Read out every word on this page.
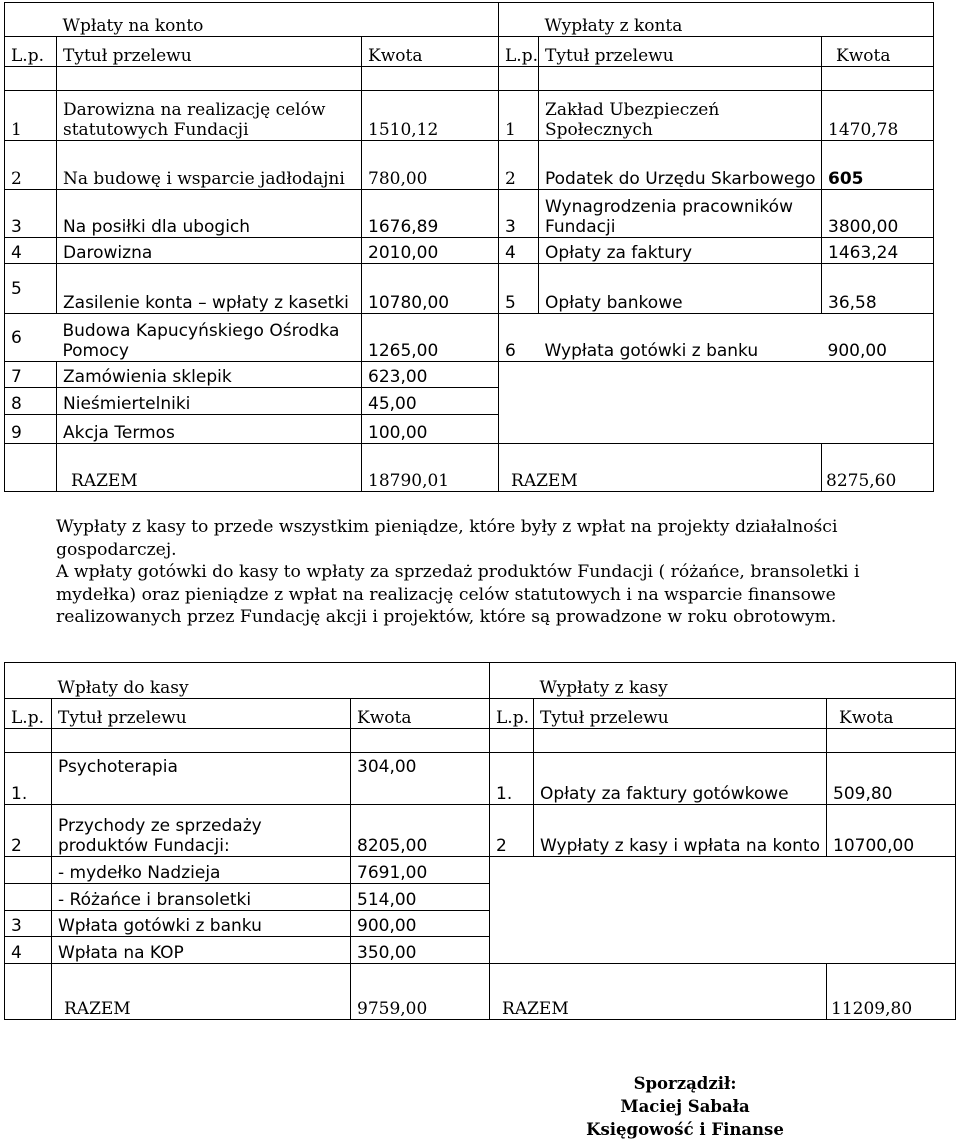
	Wpłaty na konto			Wypłaty z konta	
L.p.	Tytuł przelewu	Kwota	L.p.	Tytuł przelewu	Kwota

1	Darowizna na realizację celów statutowych Fundacji	1510,12	1	Zakład Ubezpieczeń Społecznych	1470,78
2	Na budowę i wsparcie jadłodajni	780,00	2	Podatek do Urzędu Skarbowego	605
3	Na posiłki dla ubogich	1676,89	3	Wynagrodzenia pracowników Fundacji	3800,00
4	Darowizna	2010,00	4	Opłaty za faktury	1463,24
5	Zasilenie konta – wpłaty z kasetki	10780,00	5	Opłaty bankowe	36,58
6	Budowa Kapucyńskiego Ośrodka Pomocy	1265,00	6	Wypłata gotówki z banku	900,00
7	Zamówienia sklepik	623,00			
8	Nieśmiertelniki	45,00			
9	Akcja Termos	100,00			
	RAZEM	18790,01	RAZEM		8275,60

Wypłaty z kasy to przede wszystkim pieniądze, które były z wpłat na projekty działalności gospodarczej.

A wpłaty gotówki do kasy to wpłaty za sprzedaż produktów Fundacji ( różańce, bransoletki i mydełka) oraz pieniądze z wpłat na realizację celów statutowych i na wsparcie finansowe realizowanych przez Fundację akcji i projektów, które są prowadzone w roku obrotowym.

	Wpłaty do kasy			Wypłaty z kasy	
L.p.	Tytuł przelewu	Kwota	L.p.	Tytuł przelewu	Kwota

1.	Psychoterapia	304,00	1.	Opłaty za faktury gotówkowe	509,80
2	Przychody ze sprzedaży produktów Fundacji:	8205,00	2	Wypłaty z kasy i wpłata na konto	10700,00
	- mydełko Nadzieja	7691,00			
	- Różańce i bransoletki	514,00			
3	Wpłata gotówki z banku	900,00			
4	Wpłata na KOP	350,00			
	RAZEM	9759,00	RAZEM		11209,80
Sporządził:
Maciej Sabała
Księgowość i Finanse
